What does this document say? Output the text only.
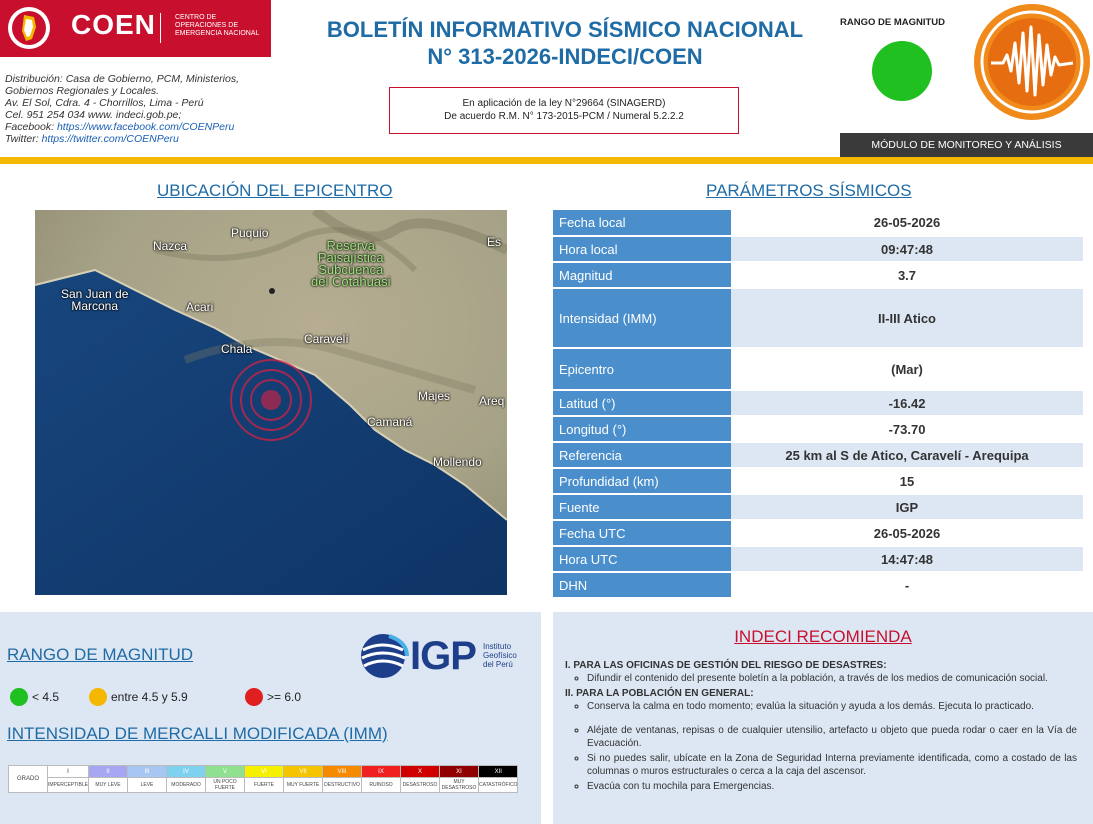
COEN	CENTRO DE
OPERACIONES DE
EMERGENCIA NACIONAL
Distribución: Casa de Gobierno, PCM, Ministerios,
Gobiernos Regionales y Locales.
Av. El Sol, Cdra. 4 - Chorrillos, Lima - Perú
Cel. 951 254 034 www. indeci.gob.pe;
Facebook: https://www.facebook.com/COENPeru
Twitter: https://twitter.com/COENPeru
BOLETÍN INFORMATIVO SÍSMICO NACIONAL
N° 313-2026-INDECI/COEN
En aplicación de la ley N°29664 (SINAGERD)
De acuerdo R.M. N° 173-2015-PCM / Numeral 5.2.2.2
RANGO DE MAGNITUD
MÓDULO DE MONITOREO Y ANÁLISIS
UBICACIÓN DEL EPICENTRO	PARÁMETROS SÍSMICOS
Nazca
Puquio
Reserva
Paisajística
Subcuenca
del Cotahuasi
Es
San Juan de
Marcona	Acari
Caravelí
Chala
Majes Areq
Camaná
Mollendo
Fecha local	26-05-2026
Hora local	09:47:48
Magnitud	3.7
Intensidad (IMM)	II-III Atico
Epicentro	(Mar)
Latitud (°)	-16.42
Longitud (°)	-73.70
Referencia	25 km al S de Atico, Caravelí - Arequipa
Profundidad (km)	15
Fuente	IGP
Fecha UTC	26-05-2026
Hora UTC	14:47:48
DHN	-
RANGO DE MAGNITUD
< 4.5	entre 4.5 y 5.9	>= 6.0
IGP Instituto
Geofísico
del Perú
INTENSIDAD DE MERCALLI MODIFICADA (IMM)
GRADO	I	II	III	IV	V	VI	VII	VIII	IX	X	XI	XII
	IMPERCEPTIBLE	MUY LEVE	LEVE	MODERADO	UN POCO FUERTE	FUERTE	MUY FUERTE	DESTRUCTIVO	RUINOSO	DESASTROSO	MUY DESASTROSO	CATASTRÓFICO
INDECI RECOMIENDA
I. PARA LAS OFICINAS DE GESTIÓN DEL RIESGO DE DESASTRES:
◦ Difundir el contenido del presente boletín a la población, a través de los medios de comunicación social.
II. PARA LA POBLACIÓN EN GENERAL:
◦ Conserva la calma en todo momento; evalúa la situación y ayuda a los demás. Ejecuta lo practicado.
◦ Aléjate de ventanas, repisas o de cualquier utensilio, artefacto u objeto que pueda rodar o caer en la Vía de Evacuación.
◦ Si no puedes salir, ubícate en la Zona de Seguridad Interna previamente identificada, como a costado de las columnas o muros estructurales o cerca a la caja del ascensor.
◦ Evacúa con tu mochila para Emergencias.
